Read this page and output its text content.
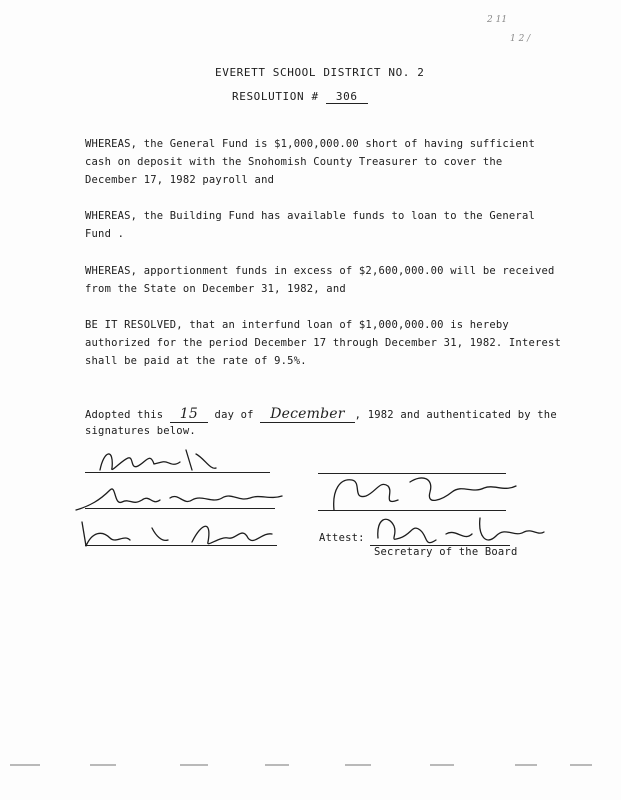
2 11
1 2 /
EVERETT SCHOOL DISTRICT NO. 2
RESOLUTION # 306
WHEREAS, the General Fund is $1,000,000.00 short of having sufficient
cash on deposit with the Snohomish County Treasurer to cover the
December 17, 1982 payroll and
WHEREAS, the Building Fund has available funds to loan to the General
Fund .
WHEREAS, apportionment funds in excess of $2,600,000.00 will be received
from the State on December 31, 1982, and
BE IT RESOLVED, that an interfund loan of $1,000,000.00 is hereby
authorized for the period December 17 through December 31, 1982. Interest
shall be paid at the rate of 9.5%.
Adopted this 15 day of December , 1982 and authenticated by the
signatures below.
Attest:
Secretary of the Board
